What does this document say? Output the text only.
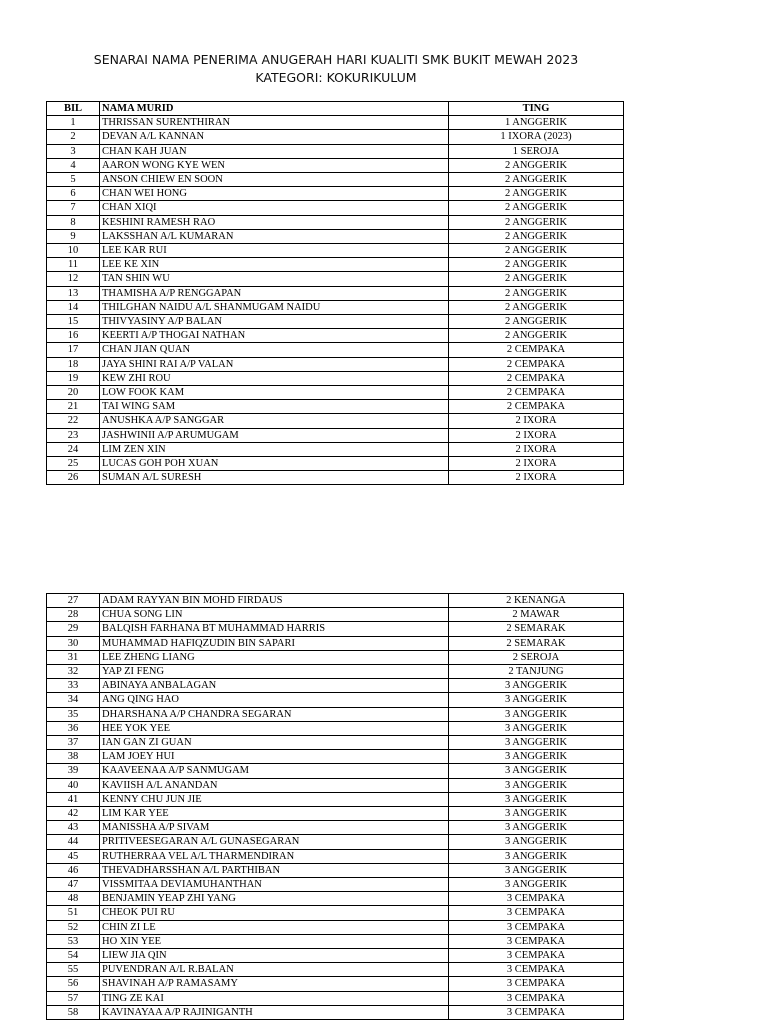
SENARAI NAMA PENERIMA ANUGERAH HARI KUALITI SMK BUKIT MEWAH 2023
KATEGORI: KOKURIKULUM
BIL	NAMA MURID	TING
1	THRISSAN SURENTHIRAN	1 ANGGERIK
2	DEVAN A/L KANNAN	1 IXORA (2023)
3	CHAN KAH JUAN	1 SEROJA
4	AARON WONG KYE WEN	2 ANGGERIK
5	ANSON CHIEW EN SOON	2 ANGGERIK
6	CHAN WEI HONG	2 ANGGERIK
7	CHAN XIQI	2 ANGGERIK
8	KESHINI RAMESH RAO	2 ANGGERIK
9	LAKSSHAN A/L KUMARAN	2 ANGGERIK
10	LEE KAR RUI	2 ANGGERIK
11	LEE KE XIN	2 ANGGERIK
12	TAN SHIN WU	2 ANGGERIK
13	THAMISHA A/P RENGGAPAN	2 ANGGERIK
14	THILGHAN NAIDU A/L SHANMUGAM NAIDU	2 ANGGERIK
15	THIVYASINY A/P BALAN	2 ANGGERIK
16	KEERTI A/P THOGAI NATHAN	2 ANGGERIK
17	CHAN JIAN QUAN	2 CEMPAKA
18	JAYA SHINI RAI A/P VALAN	2 CEMPAKA
19	KEW ZHI ROU	2 CEMPAKA
20	LOW FOOK KAM	2 CEMPAKA
21	TAI WING SAM	2 CEMPAKA
22	ANUSHKA A/P SANGGAR	2 IXORA
23	JASHWINII A/P ARUMUGAM	2 IXORA
24	LIM ZEN XIN	2 IXORA
25	LUCAS GOH POH XUAN	2 IXORA
26	SUMAN A/L SURESH	2 IXORA
27	ADAM RAYYAN BIN MOHD FIRDAUS	2 KENANGA
28	CHUA SONG LIN	2 MAWAR
29	BALQISH FARHANA BT MUHAMMAD HARRIS	2 SEMARAK
30	MUHAMMAD HAFIQZUDIN BIN SAPARI	2 SEMARAK
31	LEE ZHENG LIANG	2 SEROJA
32	YAP ZI FENG	2 TANJUNG
33	ABINAYA ANBALAGAN	3 ANGGERIK
34	ANG QING HAO	3 ANGGERIK
35	DHARSHANA A/P CHANDRA SEGARAN	3 ANGGERIK
36	HEE YOK YEE	3 ANGGERIK
37	IAN GAN ZI GUAN	3 ANGGERIK
38	LAM JOEY HUI	3 ANGGERIK
39	KAAVEENAA A/P SANMUGAM	3 ANGGERIK
40	KAVIISH A/L ANANDAN	3 ANGGERIK
41	KENNY CHU JUN JIE	3 ANGGERIK
42	LIM KAR YEE	3 ANGGERIK
43	MANISSHA A/P SIVAM	3 ANGGERIK
44	PRITIVEESEGARAN A/L GUNASEGARAN	3 ANGGERIK
45	RUTHERRAA VEL A/L THARMENDIRAN	3 ANGGERIK
46	THEVADHARSSHAN A/L PARTHIBAN	3 ANGGERIK
47	VISSMITAA DEVIAMUHANTHAN	3 ANGGERIK
48	BENJAMIN YEAP ZHI YANG	3 CEMPAKA
51	CHEOK PUI RU	3 CEMPAKA
52	CHIN ZI LE	3 CEMPAKA
53	HO XIN YEE	3 CEMPAKA
54	LIEW JIA QIN	3 CEMPAKA
55	PUVENDRAN A/L R.BALAN	3 CEMPAKA
56	SHAVINAH A/P RAMASAMY	3 CEMPAKA
57	TING ZE KAI	3 CEMPAKA
58	KAVINAYAA A/P RAJINIGANTH	3 CEMPAKA
